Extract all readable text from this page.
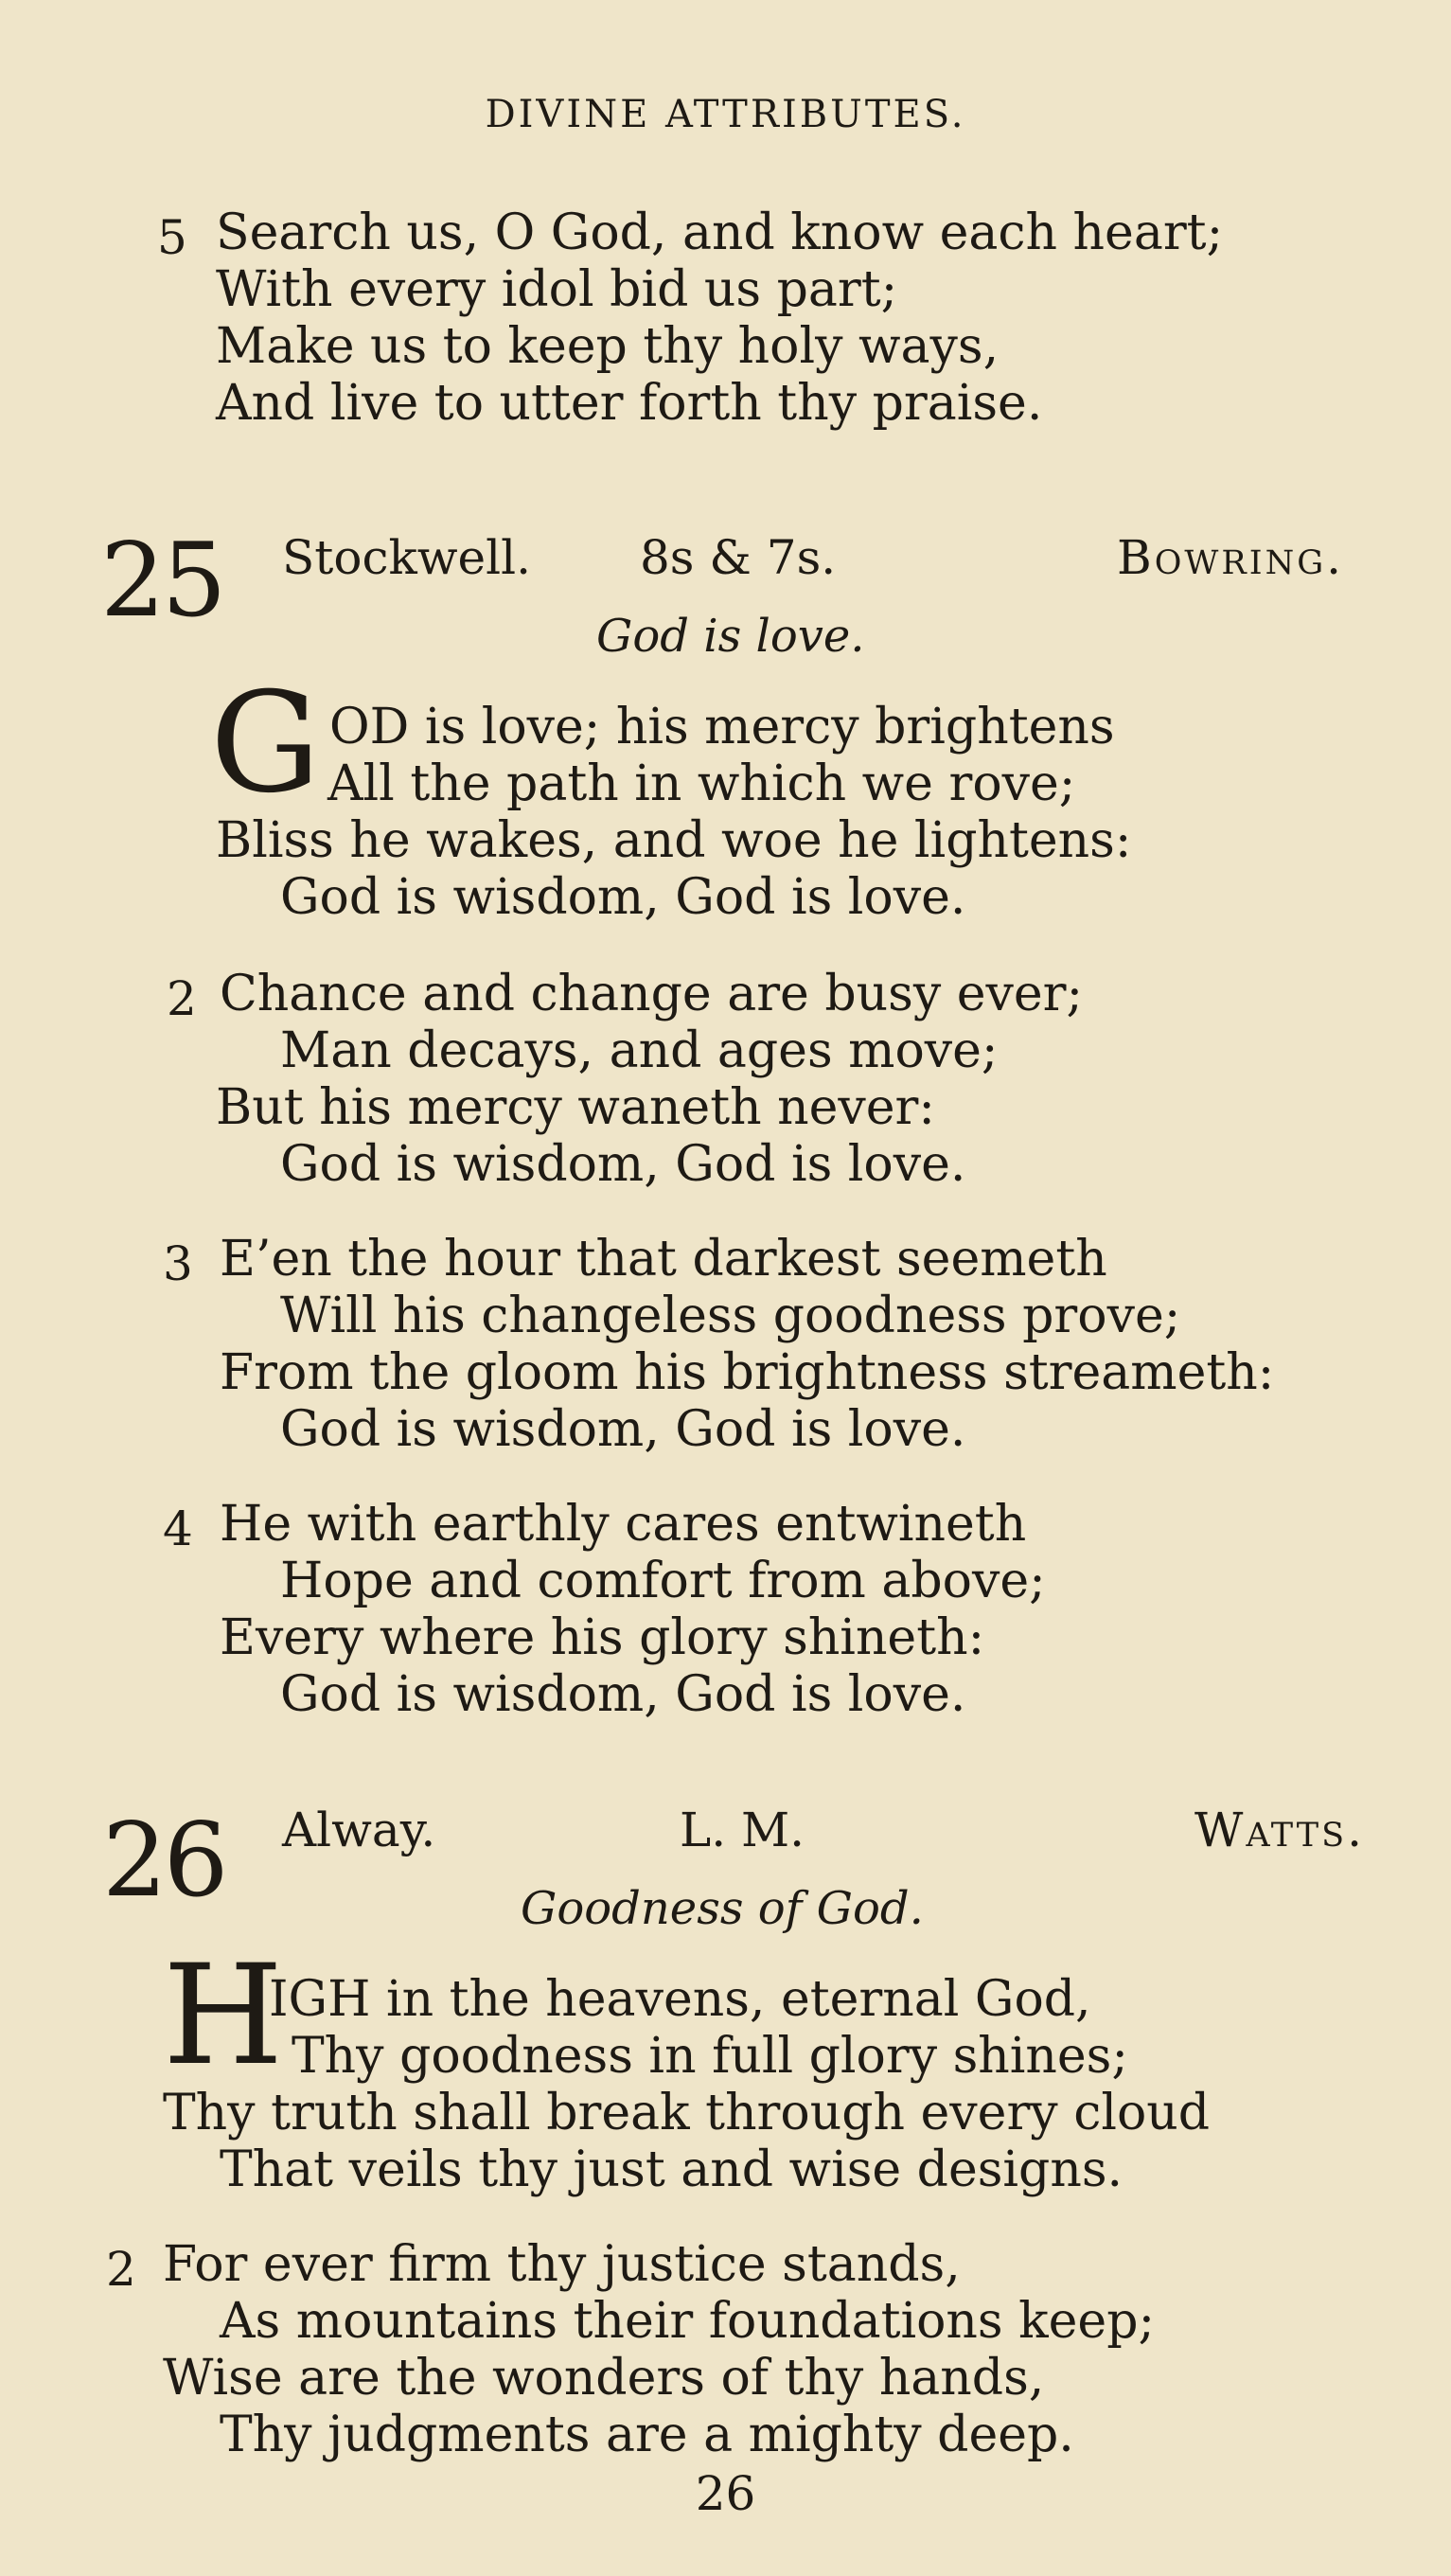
DIVINE ATTRIBUTES.
5 Search us, O God, and know each heart;
With every idol bid us part;
Make us to keep thy holy ways,
And live to utter forth thy praise.
25 Stockwell. 8s & 7s.	Bowring.
God is love.
G OD is love; his mercy brightens
All the path in which we rove;
Bliss he wakes, and woe he lightens:
God is wisdom, God is love.
2 Chance and change are busy ever;
Man decays, and ages move;
But his mercy waneth never:
God is wisdom, God is love.
3 E’en the hour that darkest seemeth
Will his changeless goodness prove;
From the gloom his brightness streameth:
God is wisdom, God is love.
4 He with earthly cares entwineth
Hope and comfort from above;
Every where his glory shineth:
God is wisdom, God is love.
26 Alway.	L. M.	Watts.
Goodness of God.
H
IGH in the heavens, eternal God,
Thy goodness in full glory shines;
Thy truth shall break through every cloud
That veils thy just and wise designs.
2 For ever firm thy justice stands,
As mountains their foundations keep;
Wise are the wonders of thy hands,
Thy judgments are a mighty deep.
26
